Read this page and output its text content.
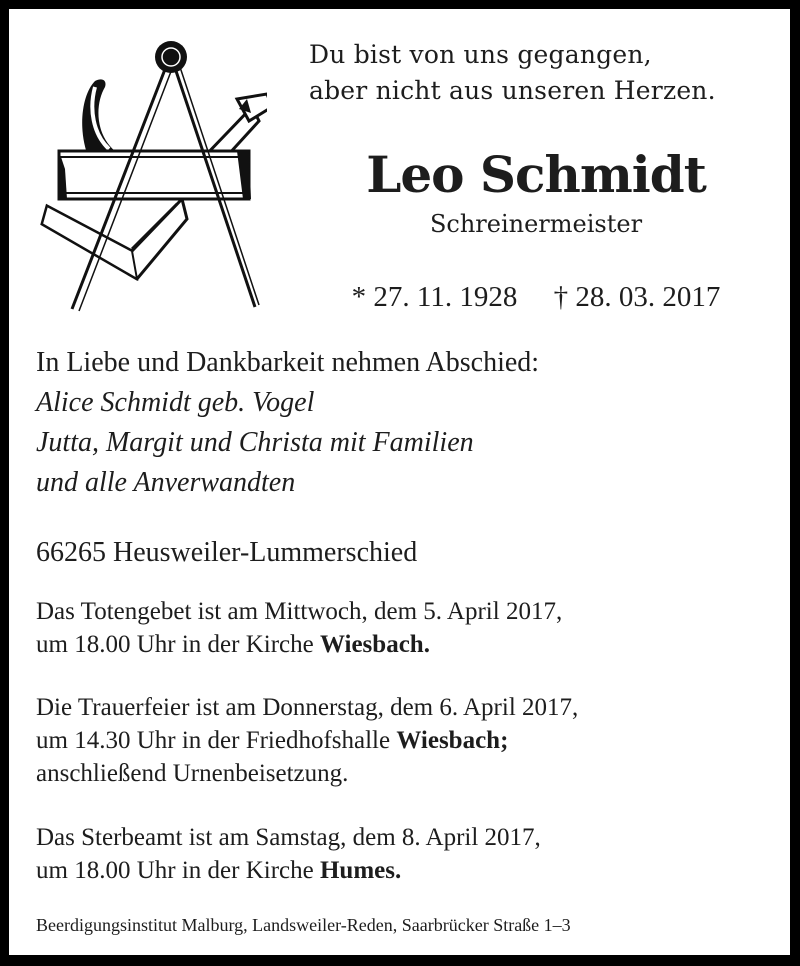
Du bist von uns gegangen,
aber nicht aus unseren Herzen.
Leo Schmidt
Schreinermeister
* 27. 11. 1928 † 28. 03. 2017
In Liebe und Dankbarkeit nehmen Abschied:
Alice Schmidt geb. Vogel
Jutta, Margit und Christa mit Familien
und alle Anverwandten
66265 Heusweiler-Lummerschied
Das Totengebet ist am Mittwoch, dem 5. April 2017,
um 18.00 Uhr in der Kirche Wiesbach.
Die Trauerfeier ist am Donnerstag, dem 6. April 2017,
um 14.30 Uhr in der Friedhofshalle Wiesbach;
anschließend Urnenbeisetzung.
Das Sterbeamt ist am Samstag, dem 8. April 2017,
um 18.00 Uhr in der Kirche Humes.
Beerdigungsinstitut Malburg, Landsweiler-Reden, Saarbrücker Straße 1–3
